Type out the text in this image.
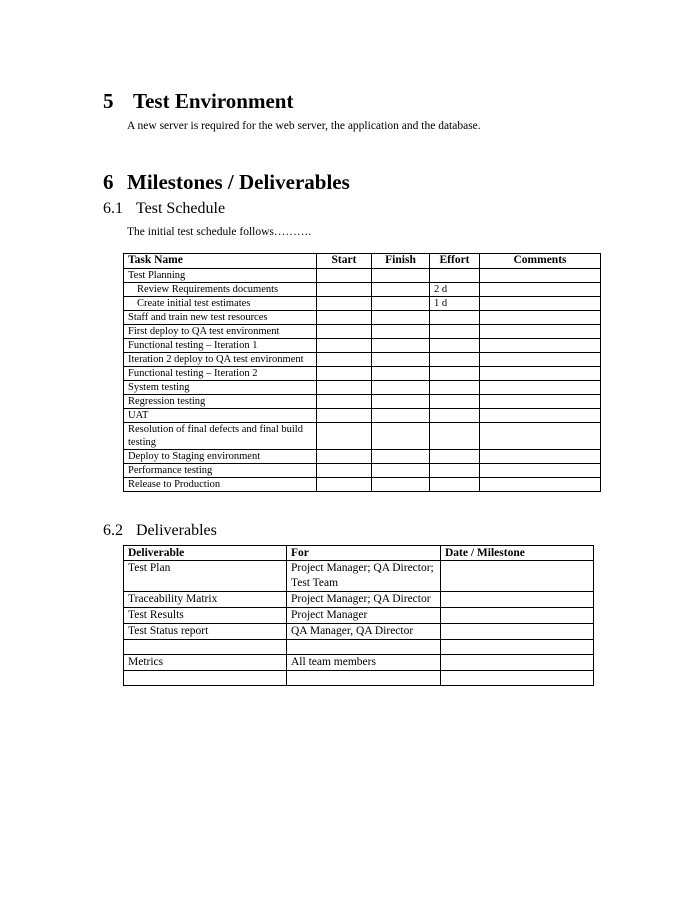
5 Test Environment

A new server is required for the web server, the application and the database.

6 Milestones / Deliverables
6.1 Test Schedule

The initial test schedule follows……….

Task Name	Start	Finish	Effort	Comments
Test Planning				
Review Requirements documents			2 d	
Create initial test estimates			1 d	
Staff and train new test resources				
First deploy to QA test environment				
Functional testing – Iteration 1				
Iteration 2 deploy to QA test environment				
Functional testing – Iteration 2				
System testing				
Regression testing				
UAT				
Resolution of final defects and final build testing				
Deploy to Staging environment				
Performance testing				
Release to Production				
6.2 Deliverables
Deliverable	For	Date / Milestone
Test Plan	Project Manager; QA Director; Test Team	
Traceability Matrix	Project Manager; QA Director	
Test Results	Project Manager	
Test Status report	QA Manager, QA Director	

Metrics	All team members	
